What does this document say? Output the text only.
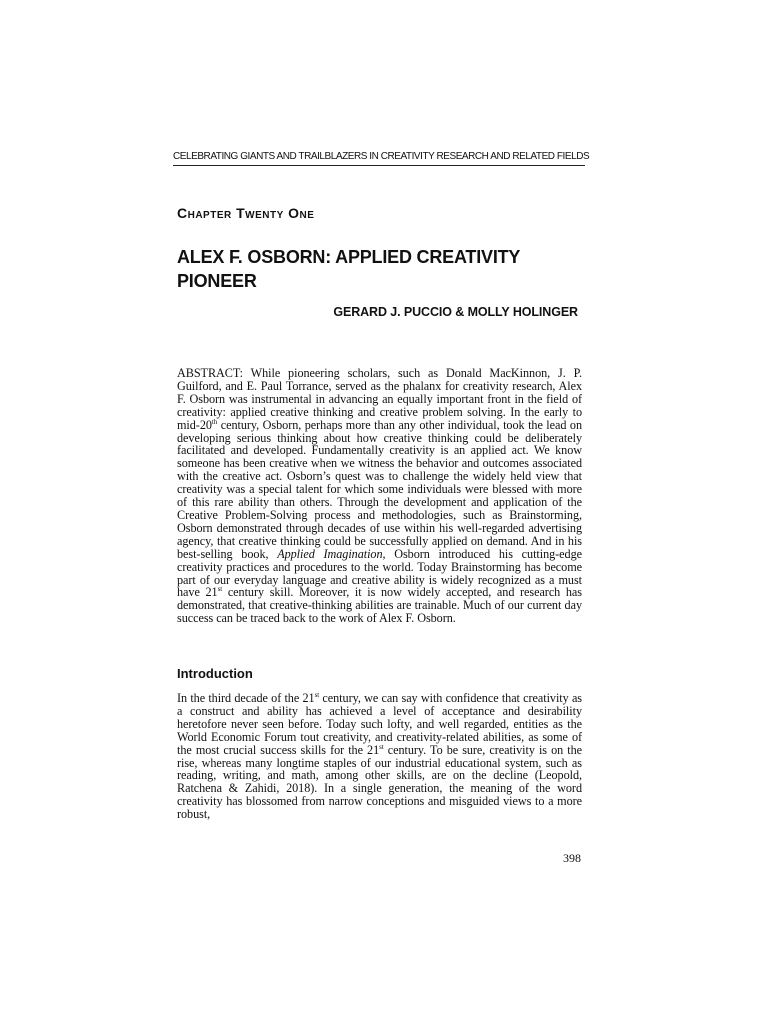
CELEBRATING GIANTS AND TRAILBLAZERS IN CREATIVITY RESEARCH AND RELATED FIELDS
Chapter Twenty One
ALEX F. OSBORN: APPLIED CREATIVITY PIONEER
GERARD J. PUCCIO & MOLLY HOLINGER

ABSTRACT: While pioneering scholars, such as Donald MacKinnon, J. P. Guilford, and E. Paul Torrance, served as the phalanx for creativity research, Alex F. Osborn was instrumental in advancing an equally important front in the field of creativity: applied creative thinking and creative problem solving. In the early to mid-20th century, Osborn, perhaps more than any other individual, took the lead on developing serious thinking about how creative thinking could be deliberately facilitated and developed. Fundamentally creativity is an applied act. We know someone has been creative when we witness the behavior and outcomes associated with the creative act. Osborn’s quest was to challenge the widely held view that creativity was a special talent for which some individuals were blessed with more of this rare ability than others. Through the development and application of the Creative Problem-Solving process and methodologies, such as Brainstorming, Osborn demonstrated through decades of use within his well-regarded advertising agency, that creative thinking could be successfully applied on demand. And in his best-selling book, Applied Imagination, Osborn introduced his cutting-edge creativity practices and procedures to the world. Today Brainstorming has become part of our everyday language and creative ability is widely recognized as a must have 21st century skill. Moreover, it is now widely accepted, and research has demonstrated, that creative-thinking abilities are trainable. Much of our current day success can be traced back to the work of Alex F. Osborn.

Introduction

In the third decade of the 21st century, we can say with confidence that creativity as a construct and ability has achieved a level of acceptance and desirability heretofore never seen before. Today such lofty, and well regarded, entities as the World Economic Forum tout creativity, and creativity-related abilities, as some of the most crucial success skills for the 21st century. To be sure, creativity is on the rise, whereas many longtime staples of our industrial educational system, such as reading, writing, and math, among other skills, are on the decline (Leopold, Ratchena & Zahidi, 2018). In a single generation, the meaning of the word creativity has blossomed from narrow conceptions and misguided views to a more robust,

398
